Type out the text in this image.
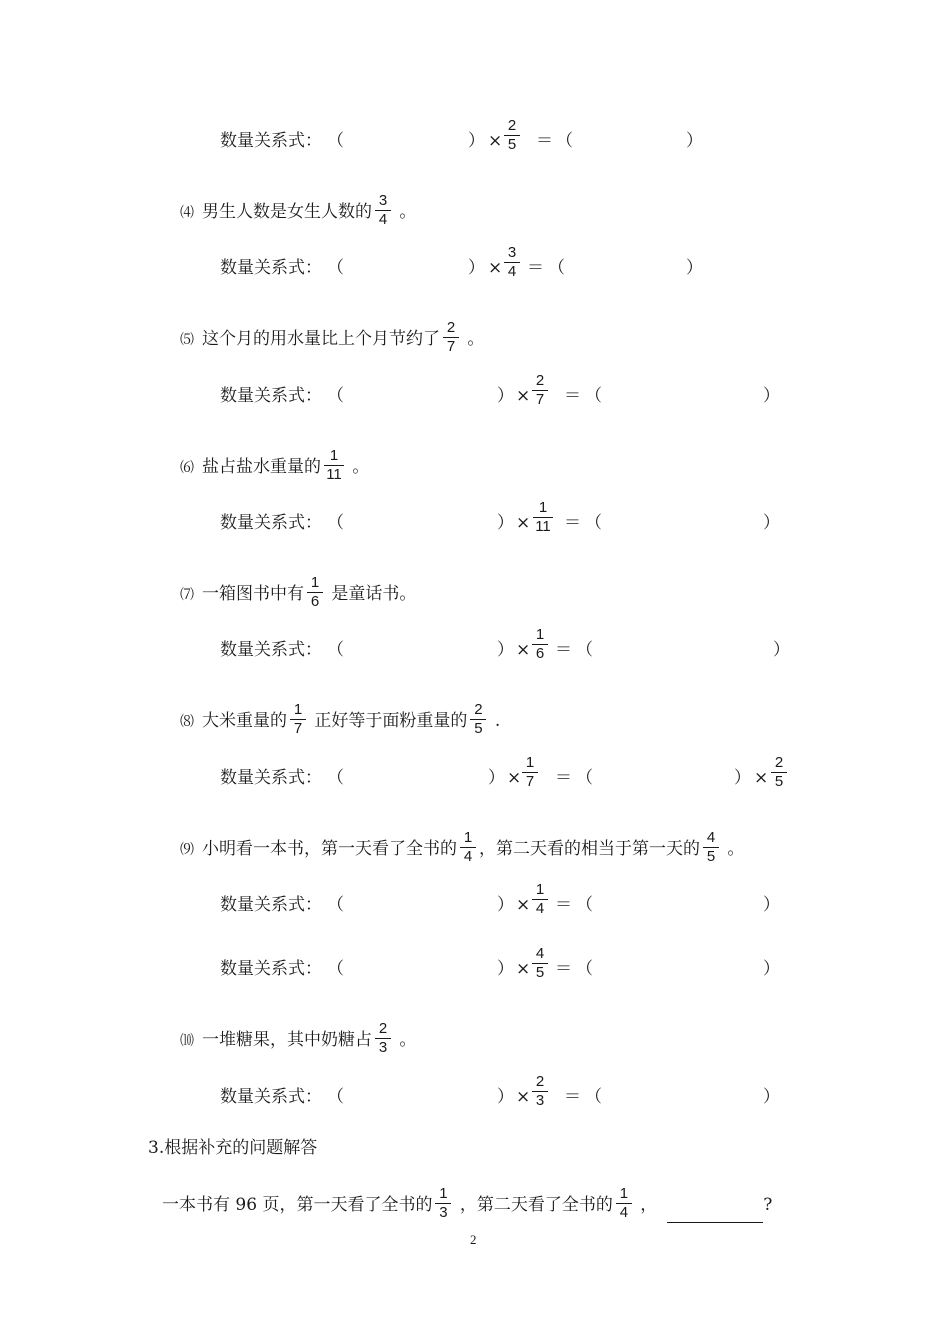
数量关系式： （	） ×
2
5 ＝ （	）
⑷ 男生人数是女生人数的 $\frac{3}{4}$ 。
数量关系式： （	） ×
3
4 ＝ （	）
⑸ 这个月的用水量比上个月节约了 $\frac{2}{7}$ 。
数量关系式： （	） ×
2
7 ＝ （	）
⑹ 盐占盐水重量的 $\frac{1}{11}$ 。
数量关系式： （	） ×
1
11 ＝ （	）
⑺ 一箱图书中有 $\frac{1}{6}$ 是童话书。
数量关系式： （	） ×
1
6 ＝ （	）
⑻ 大米重量的 $\frac{1}{7}$ 正好等于面粉重量的 $\frac{2}{5}$ .
数量关系式： （	） ×
1
7 ＝ （	） ×
2
5
⑼ 小明看一本书，第一天看了全书的 $\frac{1}{4}$ ，第二天看的相当于第一天的 $\frac{4}{5}$ 。
数量关系式： （	） ×
1
4 ＝ （	）
数量关系式： （	） ×
4
5 ＝ （	）
⑽ 一堆糖果，其中奶糖占 $\frac{2}{3}$ 。
数量关系式： （	） ×
2
3 ＝ （	）
3.根据补充的问题解答
一本书有 96 页，第一天看了全书的 $\frac{1}{3}$ ，第二天看了全书的 $\frac{1}{4}$ ，	?
2
